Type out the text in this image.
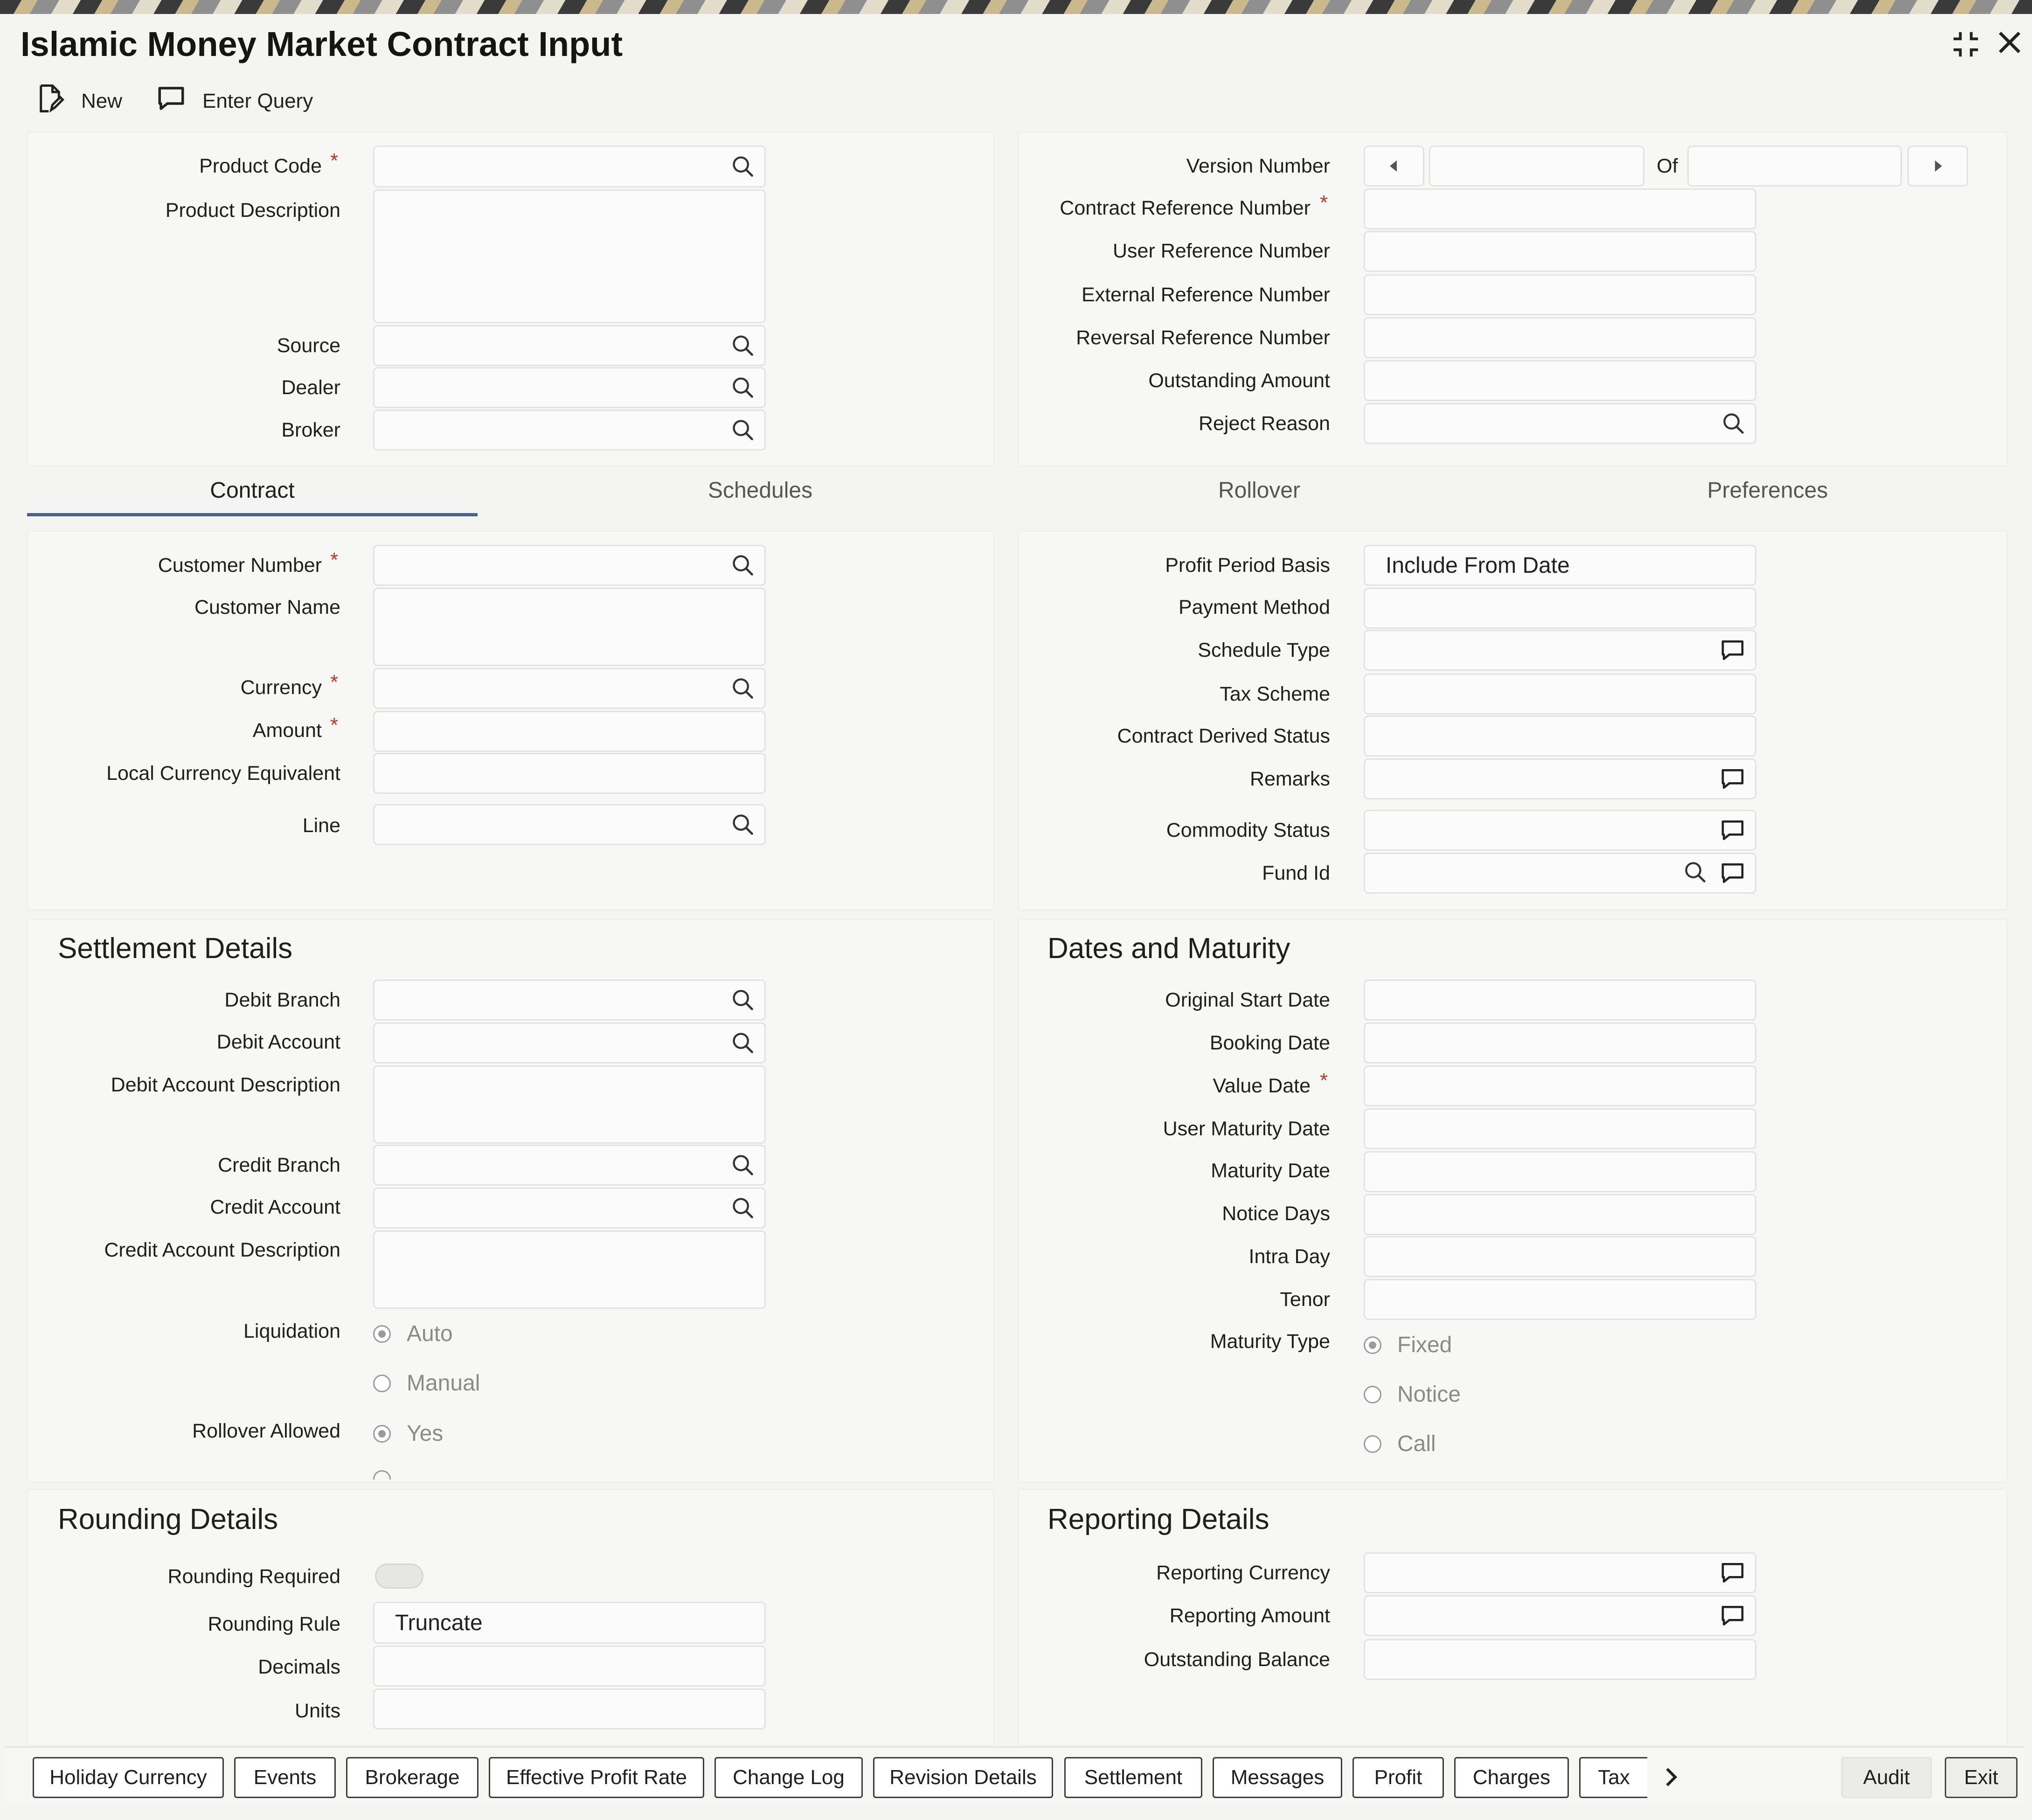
Islamic Money Market Contract Input
New	Enter Query
Product Code *
Product Description
Source
Dealer
Broker
Version Number	Of
Contract Reference Number *
User Reference Number
External Reference Number
Reversal Reference Number
Outstanding Amount
Reject Reason
Contract	Schedules	Rollover	Preferences
Customer Number *
Customer Name
Currency *
Amount *
Local Currency Equivalent
Line
Profit Period Basis Include From Date
Payment Method
Schedule Type
Tax Scheme
Contract Derived Status
Remarks
Commodity Status
Fund Id
Settlement Details
Debit Branch
Debit Account
Debit Account Description
Credit Branch
Credit Account
Credit Account Description
Liquidation	Auto
Manual
Rollover Allowed	Yes
Dates and Maturity
Original Start Date
Booking Date
Value Date *
User Maturity Date
Maturity Date
Notice Days
Intra Day
Tenor
Maturity Type	Fixed
Notice
Call
Rounding Details
Rounding Required
Rounding Rule Truncate
Decimals
Units
Reporting Details
Reporting Currency
Reporting Amount
Outstanding Balance
Holiday Currency	Events	Brokerage	Effective Profit Rate	Change Log	Revision Details	Settlement	Messages	Profit	Charges	Tax	Audit	Exit
